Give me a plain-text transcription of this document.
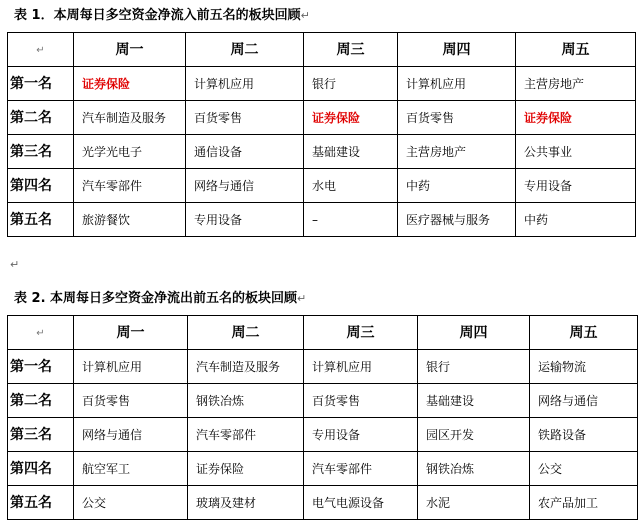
表 1．本周每日多空资金净流入前五名的板块回顾↵
↵	周一	周二	周三	周四	周五
第一名	证券保险	计算机应用	银行	计算机应用	主营房地产
第二名	汽车制造及服务	百货零售	证券保险	百货零售	证券保险
第三名	光学光电子	通信设备	基础建设	主营房地产	公共事业
第四名	汽车零部件	网络与通信	水电	中药	专用设备
第五名	旅游餐饮	专用设备	–	医疗器械与服务	中药
↵
表 2. 本周每日多空资金净流出前五名的板块回顾↵
↵	周一	周二	周三	周四	周五
第一名	计算机应用	汽车制造及服务	计算机应用	银行	运输物流
第二名	百货零售	钢铁冶炼	百货零售	基础建设	网络与通信
第三名	网络与通信	汽车零部件	专用设备	园区开发	铁路设备
第四名	航空军工	证券保险	汽车零部件	钢铁冶炼	公交
第五名	公交	玻璃及建材	电气电源设备	水泥	农产品加工
